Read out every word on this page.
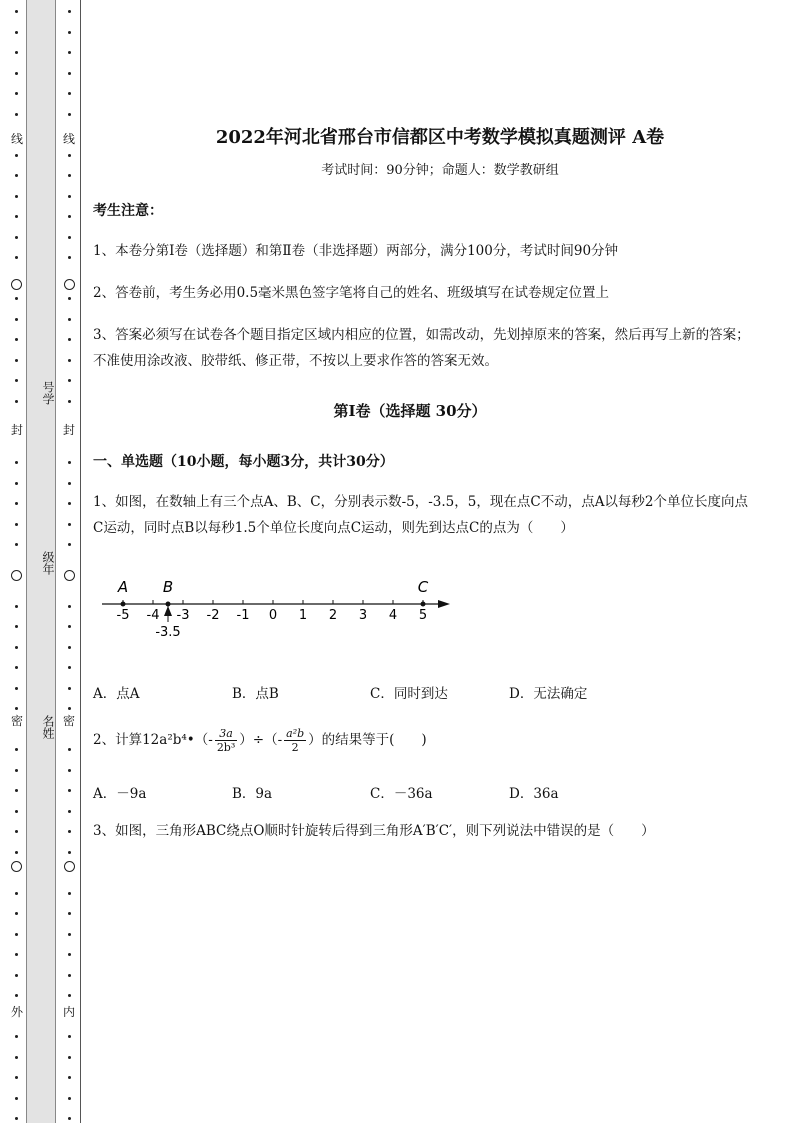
线
封
密
外
线
封
密
内
号学
级年
名姓
2022年河北省邢台市信都区中考数学模拟真题测评 A卷
考试时间：90分钟；命题人：数学教研组
考生注意：
1、本卷分第I卷（选择题）和第Ⅱ卷（非选择题）两部分，满分100分，考试时间90分钟
2、答卷前，考生务必用0.5毫米黑色签字笔将自己的姓名、班级填写在试卷规定位置上
3、答案必须写在试卷各个题目指定区域内相应的位置，如需改动，先划掉原来的答案，然后再写上新的答案；不准使用涂改液、胶带纸、修正带，不按以上要求作答的答案无效。
第I卷（选择题 30分）
一、单选题（10小题，每小题3分，共计30分）
1、如图，在数轴上有三个点A、B、C，分别表示数-5，-3.5，5，现在点C不动，点A以每秒2个单位长度向点C运动，同时点B以每秒1.5个单位长度向点C运动，则先到达点C的点为（　　）
-5 -4 -3 -2 -1 0 1 2 3 4 5
A B	C
-3.5
A．点A	B．点B	C．同时到达	D．无法确定
2、计算12a²b⁴•（- $\frac{3a}{\text{2b³}}$ ）÷（- $\frac{\text{a²b}}{2}$ ）的结果等于(　　)
A．－9a	B．9a	C．－36a	D．36a
3、如图，三角形ABC绕点O顺时针旋转后得到三角形A′B′C′，则下列说法中错误的是（　　）
